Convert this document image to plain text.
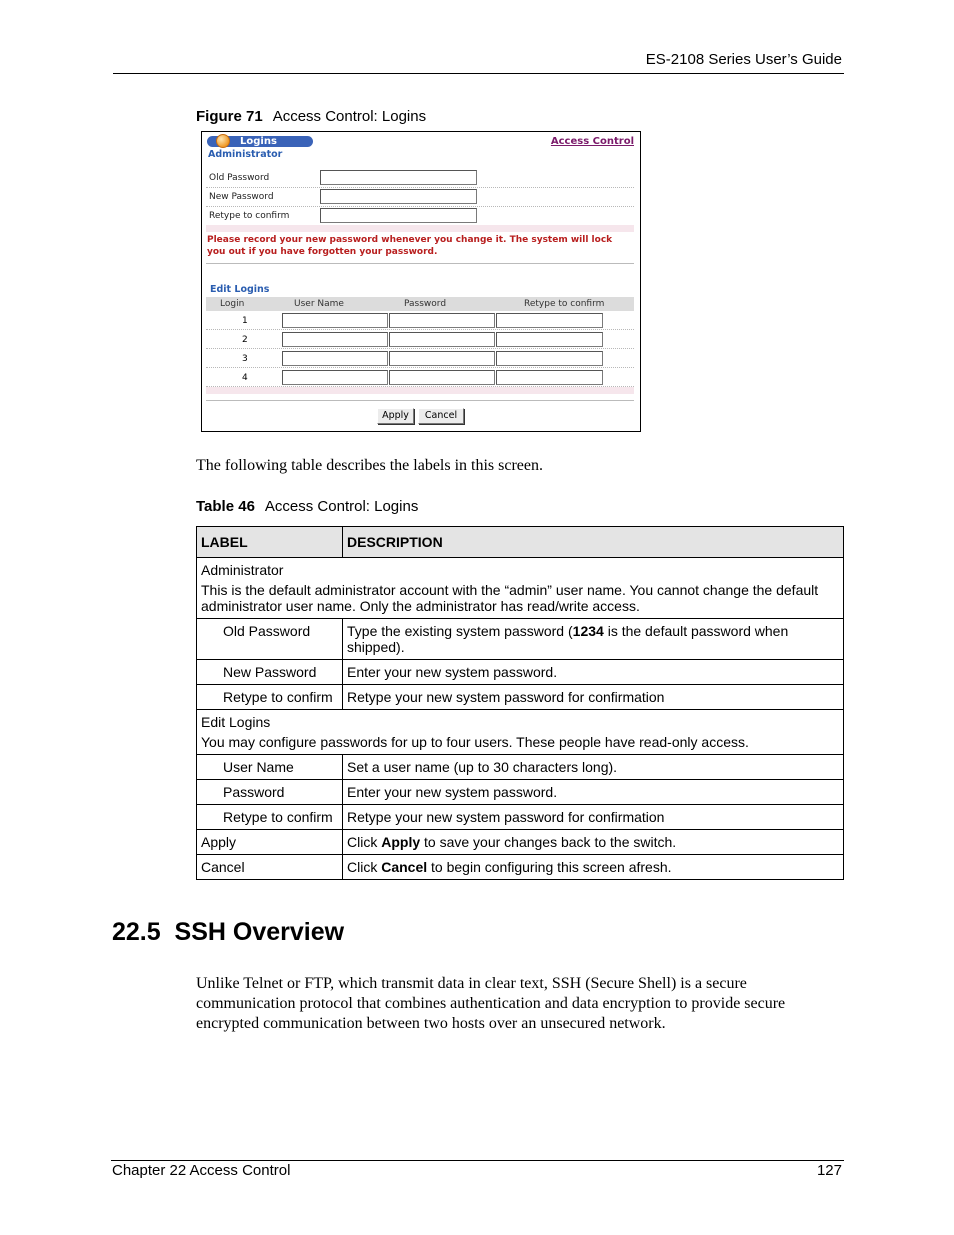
ES-2108 Series User’s Guide
Figure 71 Access Control: Logins
Logins	Access Control
Administrator
Old Password
New Password
Retype to confirm
Please record your new password whenever you change it. The system will lock you out if you have forgotten your password.
Edit Logins
Login	User Name	Password	Retype to confirm
1
2
3
4
Apply	Cancel
The following table describes the labels in this screen.
Table 46 Access Control: Logins
LABEL	DESCRIPTION
Administrator
This is the default administrator account with the “admin” user name. You cannot change the default administrator user name. Only the administrator has read/write access.	

Old Password	Type the existing system password (1234 is the default password when shipped).
New Password	Enter your new system password.
Retype to confirm	Retype your new system password for confirmation
Edit Logins
You may configure passwords for up to four users. These people have read-only access.	

User Name	Set a user name (up to 30 characters long).
Password	Enter your new system password.
Retype to confirm	Retype your new system password for confirmation
Apply	Click Apply to save your changes back to the switch.
Cancel	Click Cancel to begin configuring this screen afresh.
22.5  SSH Overview
Unlike Telnet or FTP, which transmit data in clear text, SSH (Secure Shell) is a secure communication protocol that combines authentication and data encryption to provide secure encrypted communication between two hosts over an unsecured network.
Chapter 22 Access Control	127
